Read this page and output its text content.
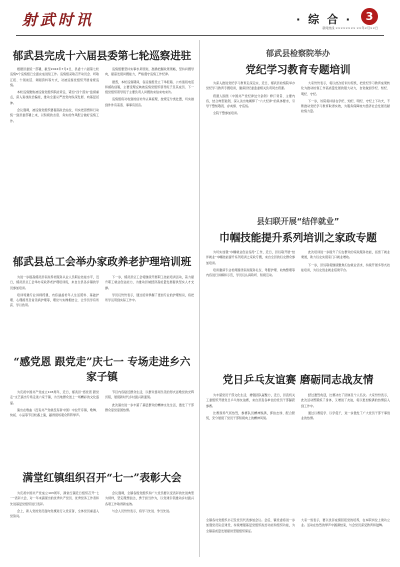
射武时讯	· 综 合 ·	3
新闻热线 ×××××××× ××年×月××日
郁武县完成十六届县委第七轮巡察进驻

根据县委统一部署，截至2024年7月2日，县委十六届第七轮巡察5个巡察组已全面完成进驻工作。巡察组采取召开动员会、听取汇报、个别谈话、调阅资料等方式，对被巡察党组织开展常规巡察。

本轮巡察聚焦被巡察党组织职能责任，紧扣“四个落实”监督重点，深入查找政治偏差，推动全面从严治党向纵深发展、向基层延伸。

会议强调，被巡察党组织要提高政治站位，切实把思想和行动统一到县委部署上来，以积极的态度、务实的作风配合做好巡察工作。

巡察组要坚持实事求是原则，准确把握政策策略，坚持问题导向，提高发现问题能力，严格遵守巡察工作纪律。

据悉，本轮巡察期间，各巡察组设立了举报箱、公布值班电话和邮政信箱，主要受理反映被巡察党组织领导班子及其成员、下一级党组织领导班子主要负责人问题的来信来电来访。

巡察组将对收到的信访件认真梳理，按规定分类处置，切实做到件件有着落、事事有回音。

郁武县检察院举办
党纪学习教育专题培训

为深入推进党纪学习教育走深走实，近日，郁武县检察院举办党纪学习教育专题培训，邀请县纪委监委相关负责同志授课。

授课人围绕《中国共产党纪律处分条例》修订背景、主要内容，结合典型案例，深入浅出地阐释了“六大纪律”的具体要求，引导干警知敬畏、存戒惧、守底线。

全院干警参加培训。

大家纷纷表示，将以此次培训为契机，把党纪学习教育成果转化为推动检察工作高质量发展的强大动力，自觉做到学纪、知纪、明纪、守纪。

下一步，该院将持续在学纪、知纪、明纪、守纪上下功夫，不断推动党纪学习教育取得实效，为服务保障地方经济社会发展贡献检察力量。

郁武县总工会举办家政养老护理培训班

为进一步提高郁武县家政养老服务从业人员职业技能水平，近日，郁武县总工会举办家政养老护理培训班，来自全县各乡镇的学员参加培训。

培训特邀专业讲师授课，内容涵盖老年人生活照料、基础护理、心理疏导及常见病护理等，理论与实操相结合，让学员学有所获、学以致用。

下一步，郁武县总工会将继续开展职工技能培训活动，着力提升职工就业创业能力，为推动县域经济高质量发展提供坚实人才支撑。

学员们纷纷表示，通过培训掌握了更加专业的护理知识，将把所学运用到实际工作中。

县妇联开展“结伴就业”
巾帼技能提升系列培训之家政专题

为切实加强“巾帼就业创业指导”工作，近日，县妇联开展“结伴就业”巾帼技能提升系列培训之家政专题，来自全县的妇女群众参加培训。

培训邀请专业老师围绕家政服务礼仪、母婴护理、收纳整理等内容进行讲解和示范，学员们认真聆听、积极互动。

此次培训进一步提升了妇女群众的家政服务技能，拓宽了就业渠道，助力妇女实现家门口就业增收。

下一步，县妇联将继续聚焦妇女就业需求，持续开展多形式技能培训，为妇女创业就业搭建平台。

“感党恩 跟党走”庆七一 专场走进乡六家子镇

为庆祝中国共产党成立103周年，近日，郁武县“感党恩 跟党走”文艺演出专场走进六家子镇，为当地群众送上一场精彩的文化盛宴。

演出在歌曲《没有共产党就没有新中国》中拉开序幕，歌舞、快板、小品等节目轮番上演，赢得现场观众阵阵掌声。

节目内容贴近群众生活，以群众喜闻乐见的形式讴歌党的光辉历程，展现新时代乡村振兴新面貌。

此次演出进一步丰富了基层群众的精神文化生活，激发了干部群众爱党爱国热情。

党日乒乓友谊赛 磨砺同志战友情

为丰富党员干部文化生活，增强团队凝聚力，近日，县直机关工委组织开展党日乒乓球友谊赛，来自县直各单位的党员干部踊跃参赛。

比赛现场气氛热烈，参赛队员精神饱满，挥拍击球、配合默契，充分展现了党员干部积极向上的精神风貌。

经过激烈角逐，比赛决出了团体及个人名次。大家纷纷表示，此次活动既锻炼了身体，又增进了友谊，将以更加饱满的热情投入到工作中。

通过以赛促学、以学促干，进一步激发了广大党员干部干事创业的热情。

满堂红镇组织召开“七一”表彰大会

为庆祝中国共产党成立103周年，满堂红镇近日组织召开“七一”表彰大会，对一年来涌现出的优秀共产党员、优秀党务工作者和先进基层党组织进行表彰。

会上，新入党的党员面向党旗进行入党宣誓，全体党员重温入党誓词。

会议强调，全镇各级党组织和广大党员要以受表彰的先进典型为榜样，坚定理想信念，勇于担当作为，以党建引领推动乡村振兴各项工作取得新成效。

与会人员纷纷表示，将学习先进、争当先进。

全镇各村党组织书记及党员代表参加会议。会后，镇党委将进一步加强党员队伍建设，持续增强基层党组织政治功能和组织功能，为全镇高质量发展提供坚强组织保证。

大家一致表示，要以优异成绩回报党的培养，在本职岗位上建功立业。活动在热烈的掌声中圆满结束，与会党员深受教育和鼓舞。
